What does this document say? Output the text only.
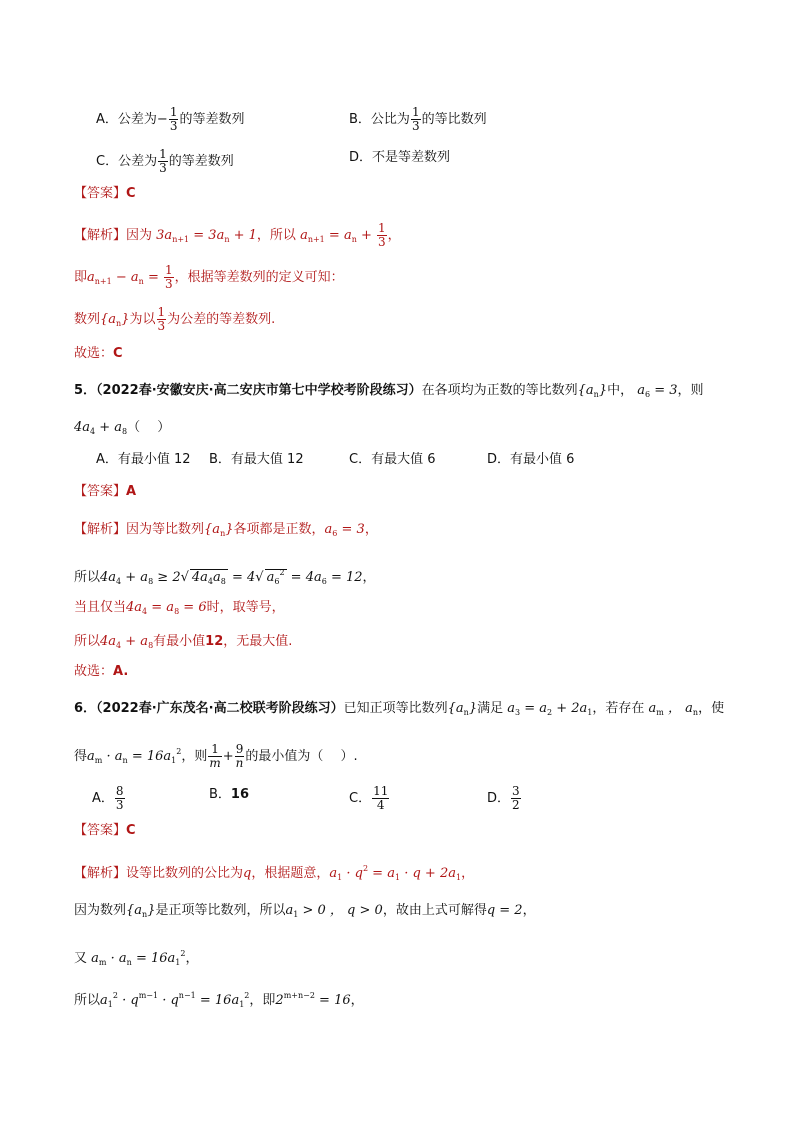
A．公差为− $\frac{1}{3}$ 的等差数列	B．公比为 $\frac{1}{3}$ 的等比数列
C．公差为 $\frac{1}{3}$ 的等差数列	D．不是等差数列
【答案】C
【解析】因为 $3a_{n+1} = 3a_n + 1$，所以 $a_{n+1} = a_n + \frac{1}{3}$ ，
即$a_{n+1} - a_n = \frac{1}{3}$ ，根据等差数列的定义可知：
数列$\{a_n\}$为以 $\frac{1}{3}$ 为公差的等差数列.
故选：C
5．（2022春·安徽安庆·高二安庆市第七中学校考阶段练习）在各项均为正数的等比数列$\{a_n\}$中， $a_6 = 3$，则
$4a_4 + a_8$（　 ）
A．有最小值 12 B．有最大值 12	C．有最大值 6	D．有最小值 6
【答案】A
【解析】因为等比数列$\{a_n\}$各项都是正数，$a_6 = 3$，
所以$4a_4 + a_8 \ge 2√$ $4a_4a_8 = 4√$ $a_6^2 = 4a_6 = 12$，
当且仅当$4a_4 = a_8 = 6$时，取等号，
所以$4a_4 + a_8$有最小值12，无最大值.
故选：A.
6．（2022春·广东茂名·高二校联考阶段练习）已知正项等比数列$\{a_n\}$满足 $a_3 = a_2 + 2a_1$，若存在 $a_m$ ， $a_n$，使
得$a_m \cdot a_n = 16a_1^2$，则 $\frac{1}{m} + \frac{9}{n}$ 的最小值为（　 ）.
A． $\frac{8}{3}$	B．16	C． $\frac{11}{4}$	D． $\frac{3}{2}$
【答案】C
【解析】设等比数列的公比为q，根据题意，$a_1 \cdot q^2 = a_1 \cdot q + 2a_1$，
因为数列$\{a_n\}$是正项等比数列，所以$a_1 > 0$ ， q > 0，故由上式可解得q = 2，
又 $a_m \cdot a_n = 16a_1^2$，
所以$a_1^2 \cdot q^{m-1} \cdot q^{n-1} = 16a_1^2$，即$2^{m+n-2} = 16$，
